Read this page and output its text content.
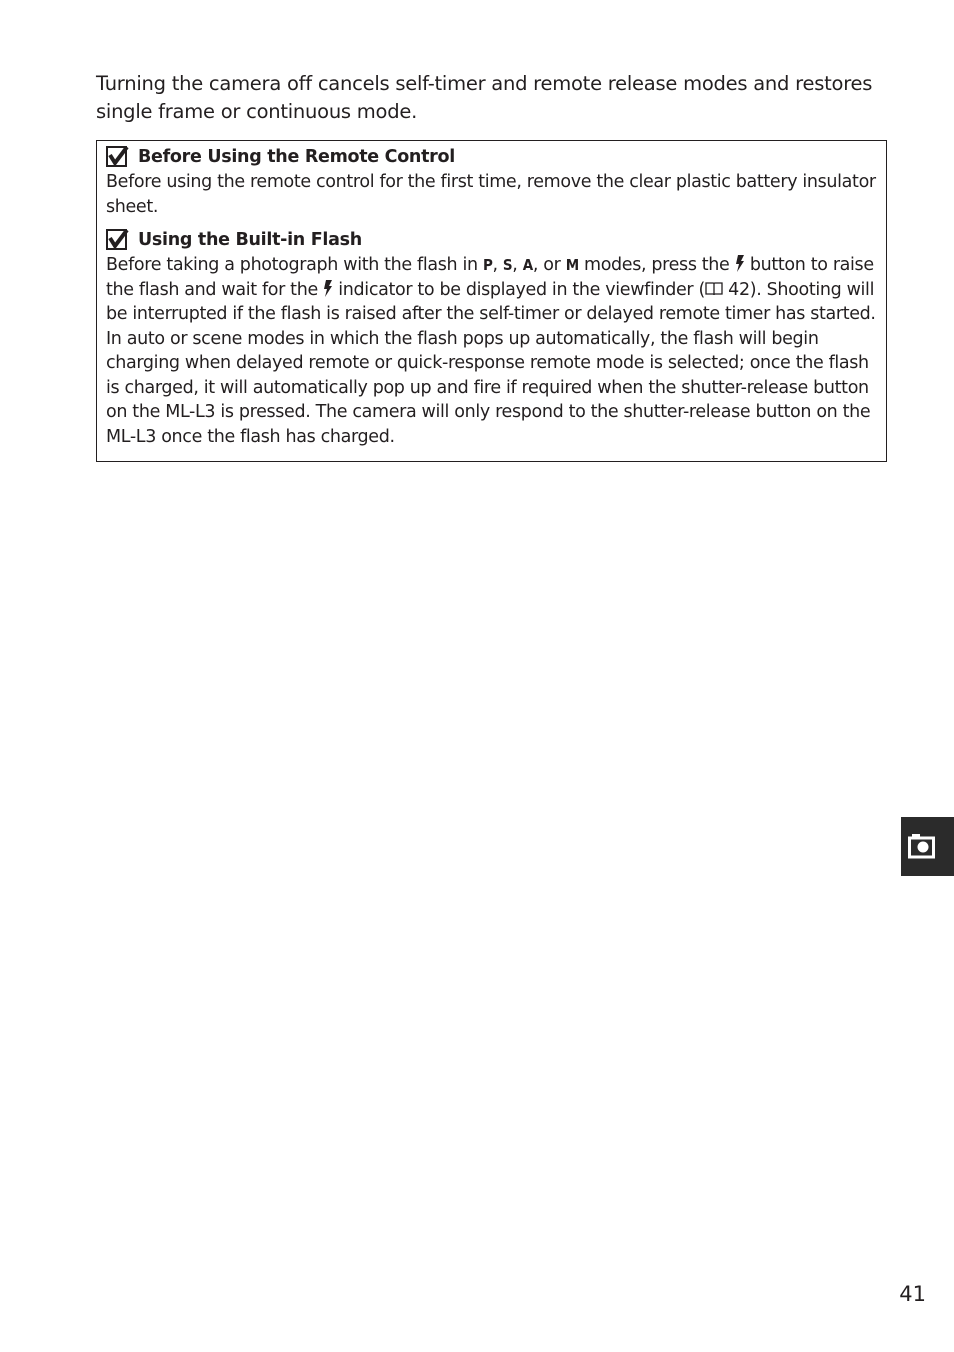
Turning the camera off cancels self-timer and remote release modes and restores single frame or continuous mode.

Before Using the Remote Control

Before using the remote control for the first time, remove the clear plastic battery insulator sheet.

Using the Built-in Flash

Before taking a photograph with the flash in P, S, A, or M modes, press the  button to raise the flash and wait for the  indicator to be displayed in the viewfinder ( 42). Shooting will be interrupted if the flash is raised after the self-timer or delayed remote timer has started. In auto or scene modes in which the flash pops up automatically, the flash will begin charging when delayed remote or quick-response remote mode is selected; once the flash is charged, it will automatically pop up and fire if required when the shutter-release button on the ML-L3 is pressed. The camera will only respond to the shutter-release button on the ML-L3 once the flash has charged.

41
